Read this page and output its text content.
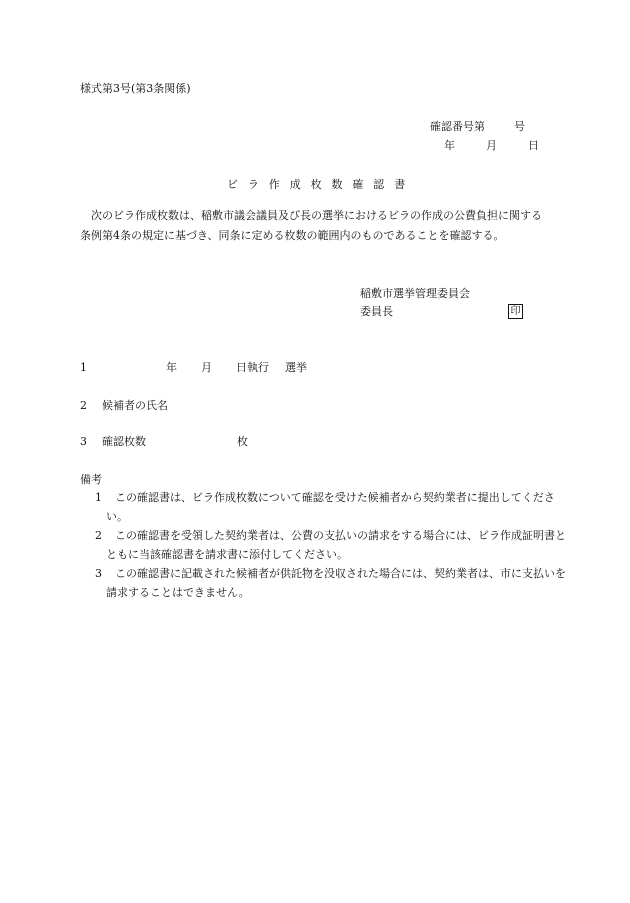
様式第3号(第3条関係)
確認番号第	号
年	月	日
ビラ作成枚数確認書
次のビラ作成枚数は、稲敷市議会議員及び長の選挙におけるビラの作成の公費負担に関する条例第4条の規定に基づき、同条に定める枚数の範囲内のものであることを確認する。
稲敷市選挙管理委員会
委員長	印
1	年 月 日執行 選挙
2 候補者の氏名
3 確認枚数	枚
備考
1 この確認書は、ビラ作成枚数について確認を受けた候補者から契約業者に提出してください。
2 この確認書を受領した契約業者は、公費の支払いの請求をする場合には、ビラ作成証明書とともに当該確認書を請求書に添付してください。
3 この確認書に記載された候補者が供託物を没収された場合には、契約業者は、市に支払いを請求することはできません。
